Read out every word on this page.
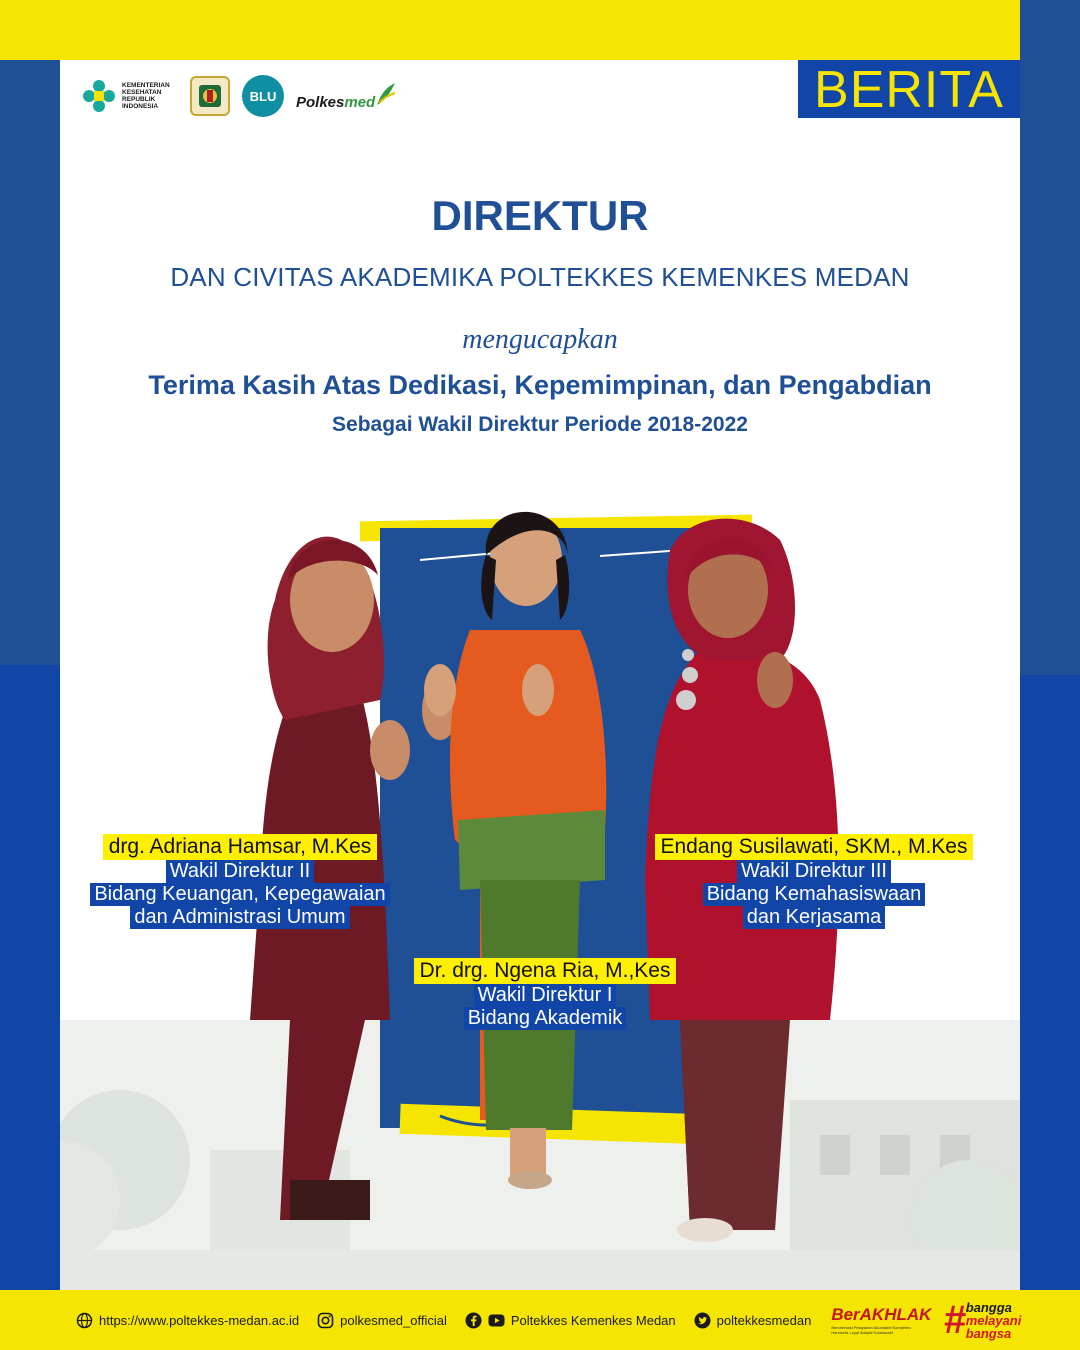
KEMENTERIAN KESEHATAN REPUBLIK INDONESIA
BLU	Polkes med	BERITA
DIREKTUR
DAN CIVITAS AKADEMIKA POLTEKKES KEMENKES MEDAN
mengucapkan
Terima Kasih Atas Dedikasi, Kepemimpinan, dan Pengabdian
Sebagai Wakil Direktur Periode 2018-2022
drg. Adriana Hamsar, M.Kes
Wakil Direktur II
Bidang Keuangan, Kepegawaian
dan Administrasi Umum
Endang Susilawati, SKM., M.Kes
Wakil Direktur III
Bidang Kemahasiswaan
dan Kerjasama
Dr. drg. Ngena Ria, M.,Kes
Wakil Direktur I
Bidang Akademik
https://www.poltekkes-medan.ac.id	polkesmed_official	Poltekkes Kemenkes Medan	poltekkesmedan BerAKHLAK
Berorientasi Pelayanan Akuntabel Kompeten Harmonis Loyal Adaptif Kolaboratif	# bangga
melayani
bangsa
